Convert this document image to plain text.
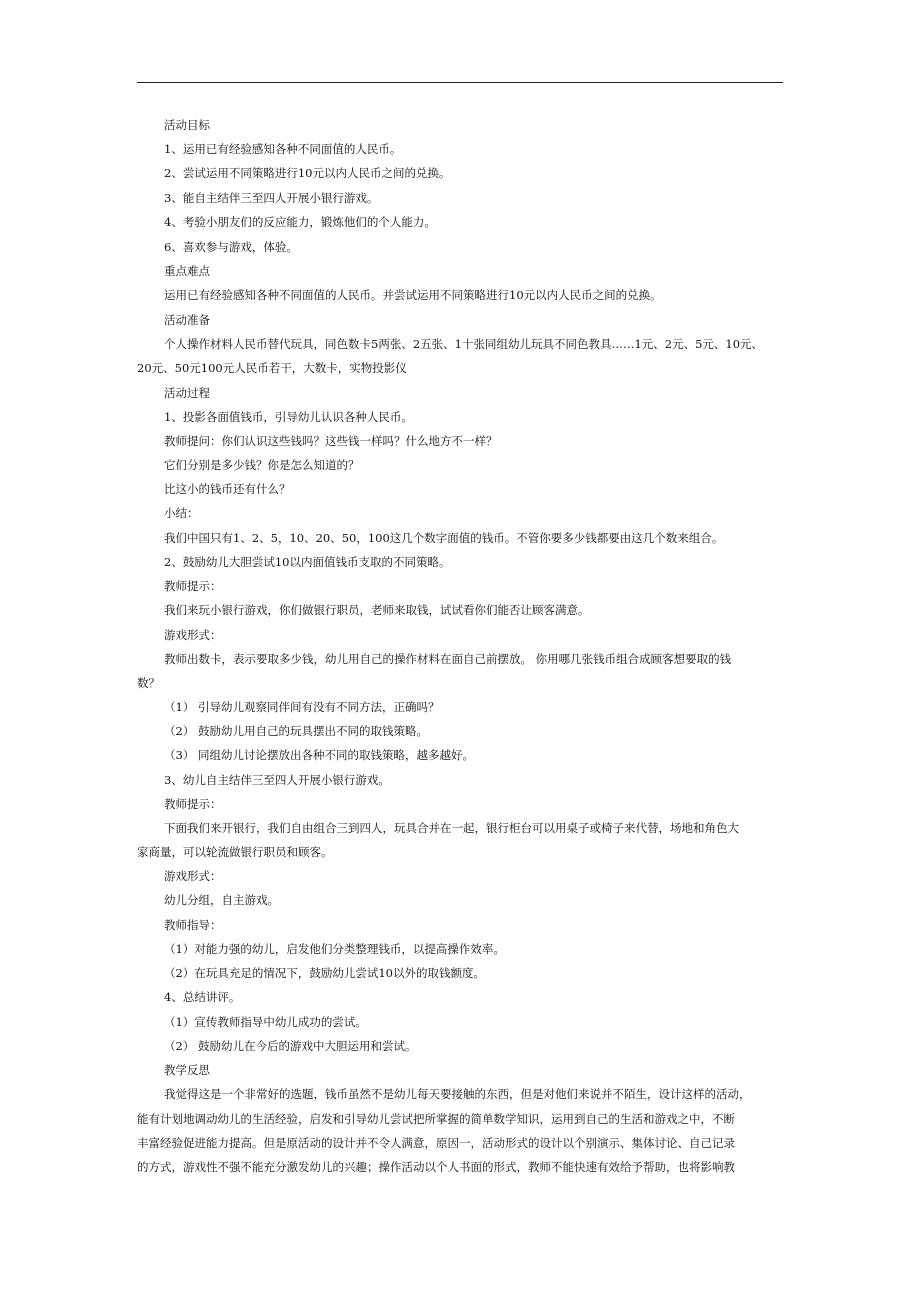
活动目标
1、运用已有经验感知各种不同面值的人民币。
2、尝试运用不同策略进行10元以内人民币之间的兑换。
3、能自主结伴三至四人开展小银行游戏。
4、考验小朋友们的反应能力，锻炼他们的个人能力。
6、喜欢参与游戏，体验。
重点难点
运用已有经验感知各种不同面值的人民币。并尝试运用不同策略进行10元以内人民币之间的兑换。
活动准备
个人操作材料人民币替代玩具，同色数卡5两张、2五张、1十张同组幼儿玩具不同色教具……1元、2元、5元、10元、
20元、50元100元人民币若干，大数卡，实物投影仪
活动过程
1、投影各面值钱币，引导幼儿认识各种人民币。
教师提问：你们认识这些钱吗？这些钱一样吗？什么地方不一样？
它们分别是多少钱？你是怎么知道的？
比这小的钱币还有什么？
小结：
我们中国只有1、2、5，10、20、50，100这几个数字面值的钱币。不管你要多少钱都要由这几个数来组合。
2、鼓励幼儿大胆尝试10以内面值钱币支取的不同策略。
教师提示：
我们来玩小银行游戏，你们做银行职员，老师来取钱，试试看你们能否让顾客满意。
游戏形式：
教师出数卡，表示要取多少钱，幼儿用自己的操作材料在面自己前摆放。 你用哪几张钱币组合成顾客想要取的钱
数？
（1） 引导幼儿观察同伴间有没有不同方法，正确吗？
（2） 鼓励幼儿用自己的玩具摆出不同的取钱策略。
（3） 同组幼儿讨论摆放出各种不同的取钱策略，越多越好。
3、幼儿自主结伴三至四人开展小银行游戏。
教师提示：
下面我们来开银行，我们自由组合三到四人，玩具合并在一起，银行柜台可以用桌子或椅子来代替，场地和角色大
家商量，可以轮流做银行职员和顾客。
游戏形式：
幼儿分组，自主游戏。
教师指导：
（1）对能力强的幼儿，启发他们分类整理钱币，以提高操作效率。
（2）在玩具充足的情况下，鼓励幼儿尝试10以外的取钱额度。
4、总结讲评。
（1）宣传教师指导中幼儿成功的尝试。
（2） 鼓励幼儿在今后的游戏中大胆运用和尝试。
教学反思
我觉得这是一个非常好的选题，钱币虽然不是幼儿每天要接触的东西，但是对他们来说并不陌生，设计这样的活动，
能有计划地调动幼儿的生活经验，启发和引导幼儿尝试把所掌握的简单数学知识，运用到自己的生活和游戏之中，不断
丰富经验促进能力提高。但是原活动的设计并不令人满意，原因一，活动形式的设计以个别演示、集体讨论、自己记录
的方式，游戏性不强不能充分激发幼儿的兴趣；操作活动以个人书面的形式，教师不能快速有效给予帮助，也将影响教
